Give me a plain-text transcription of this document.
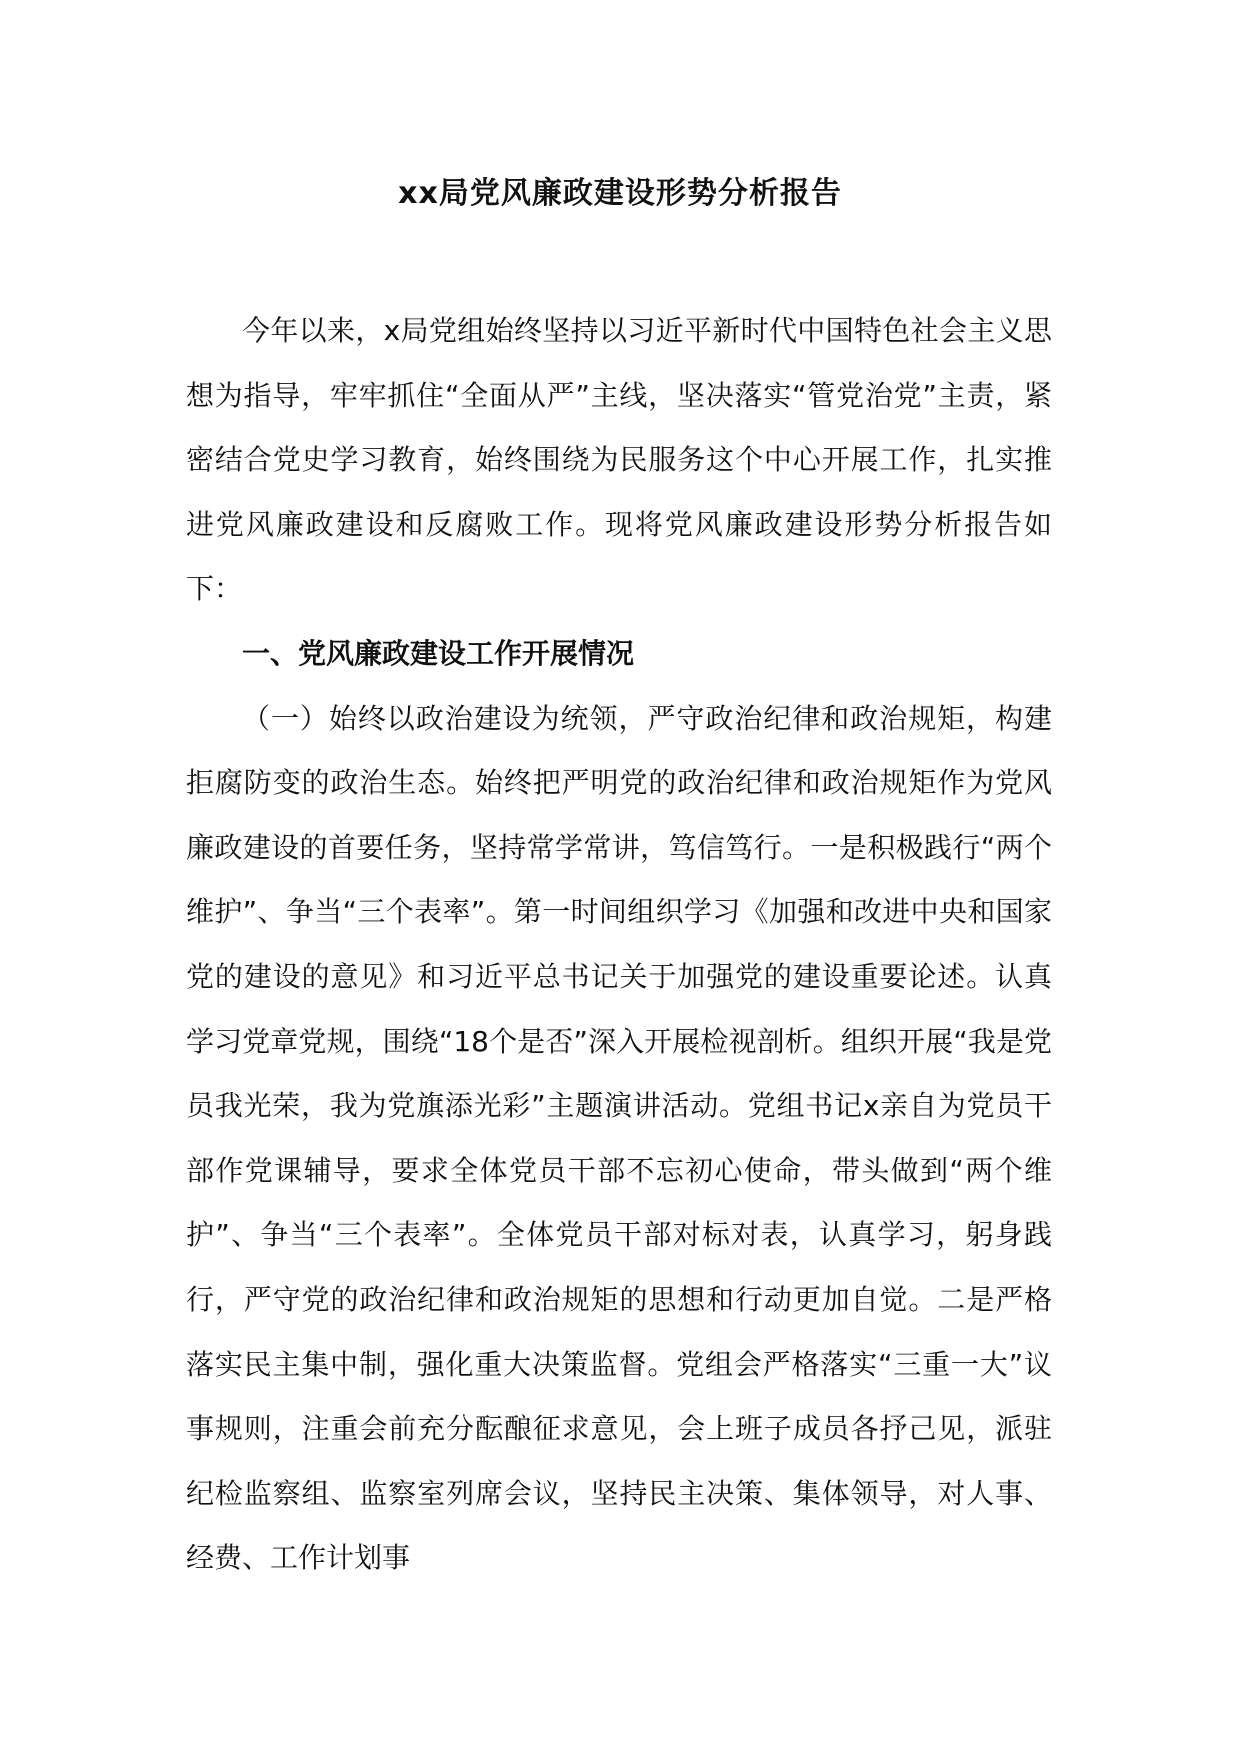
xx局党风廉政建设形势分析报告

今年以来，x局党组始终坚持以习近平新时代中国特色社会主义思想为指导，牢牢抓住“全面从严”主线，坚决落实“管党治党”主责，紧密结合党史学习教育，始终围绕为民服务这个中心开展工作，扎实推进党风廉政建设和反腐败工作。现将党风廉政建设形势分析报告如下：

一、党风廉政建设工作开展情况

（一）始终以政治建设为统领，严守政治纪律和政治规矩，构建拒腐防变的政治生态。始终把严明党的政治纪律和政治规矩作为党风廉政建设的首要任务，坚持常学常讲，笃信笃行。一是积极践行“两个维护”、争当“三个表率”。第一时间组织学习《加强和改进中央和国家党的建设的意见》和习近平总书记关于加强党的建设重要论述。认真学习党章党规，围绕“18个是否”深入开展检视剖析。组织开展“我是党员我光荣，我为党旗添光彩”主题演讲活动。党组书记x亲自为党员干部作党课辅导，要求全体党员干部不忘初心使命，带头做到“两个维护”、争当“三个表率”。全体党员干部对标对表，认真学习，躬身践行，严守党的政治纪律和政治规矩的思想和行动更加自觉。二是严格落实民主集中制，强化重大决策监督。党组会严格落实“三重一大”议事规则，注重会前充分酝酿征求意见，会上班子成员各抒己见，派驻纪检监察组、监察室列席会议，坚持民主决策、集体领导，对人事、经费、工作计划事
